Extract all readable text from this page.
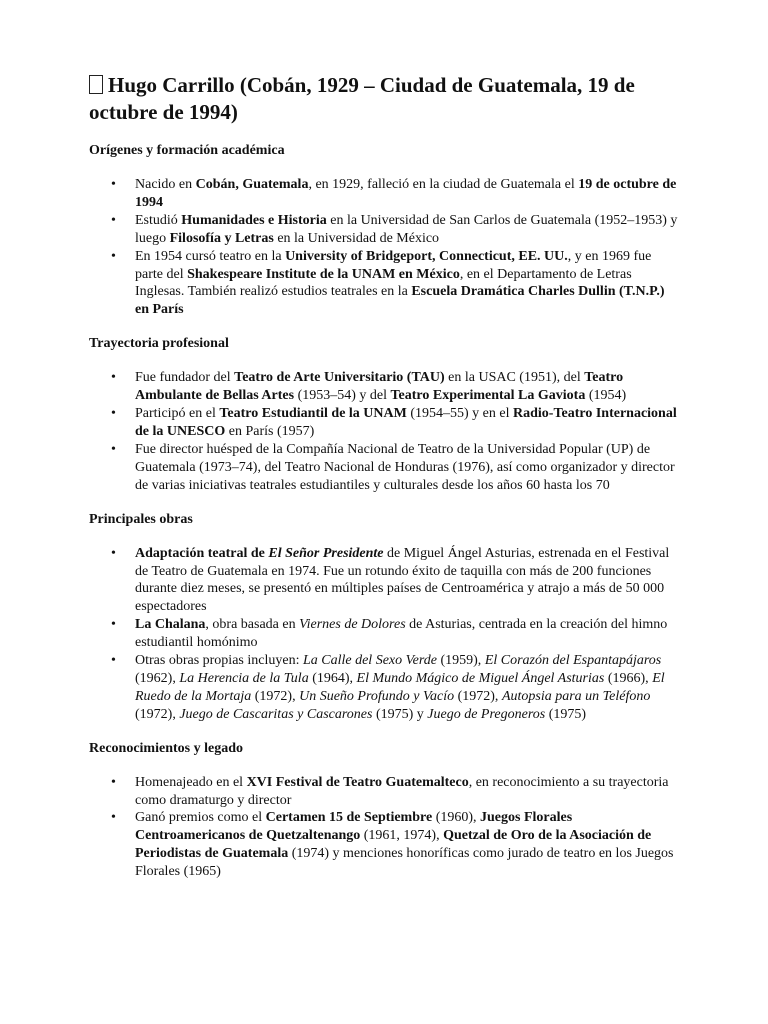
Hugo Carrillo (Cobán, 1929 – Ciudad de Guatemala, 19 de octubre de 1994)
Orígenes y formación académica
• Nacido en Cobán, Guatemala, en 1929, falleció en la ciudad de Guatemala el 19 de octubre de 1994
• Estudió Humanidades e Historia en la Universidad de San Carlos de Guatemala (1952–1953) y luego Filosofía y Letras en la Universidad de México
• En 1954 cursó teatro en la University of Bridgeport, Connecticut, EE. UU., y en 1969 fue parte del Shakespeare Institute de la UNAM en México, en el Departamento de Letras Inglesas. También realizó estudios teatrales en la Escuela Dramática Charles Dullin (T.N.P.) en París
Trayectoria profesional
• Fue fundador del Teatro de Arte Universitario (TAU) en la USAC (1951), del Teatro Ambulante de Bellas Artes (1953–54) y del Teatro Experimental La Gaviota (1954)
• Participó en el Teatro Estudiantil de la UNAM (1954–55) y en el Radio-Teatro Internacional de la UNESCO en París (1957)
• Fue director huésped de la Compañía Nacional de Teatro de la Universidad Popular (UP) de Guatemala (1973–74), del Teatro Nacional de Honduras (1976), así como organizador y director de varias iniciativas teatrales estudiantiles y culturales desde los años 60 hasta los 70
Principales obras
• Adaptación teatral de El Señor Presidente de Miguel Ángel Asturias, estrenada en el Festival de Teatro de Guatemala en 1974. Fue un rotundo éxito de taquilla con más de 200 funciones durante diez meses, se presentó en múltiples países de Centroamérica y atrajo a más de 50 000 espectadores
• La Chalana, obra basada en Viernes de Dolores de Asturias, centrada en la creación del himno estudiantil homónimo
• Otras obras propias incluyen: La Calle del Sexo Verde (1959), El Corazón del Espantapájaros (1962), La Herencia de la Tula (1964), El Mundo Mágico de Miguel Ángel Asturias (1966), El Ruedo de la Mortaja (1972), Un Sueño Profundo y Vacío (1972), Autopsia para un Teléfono (1972), Juego de Cascaritas y Cascarones (1975) y Juego de Pregoneros (1975)
Reconocimientos y legado
• Homenajeado en el XVI Festival de Teatro Guatemalteco, en reconocimiento a su trayectoria como dramaturgo y director
• Ganó premios como el Certamen 15 de Septiembre (1960), Juegos Florales Centroamericanos de Quetzaltenango (1961, 1974), Quetzal de Oro de la Asociación de Periodistas de Guatemala (1974) y menciones honoríficas como jurado de teatro en los Juegos Florales (1965)
